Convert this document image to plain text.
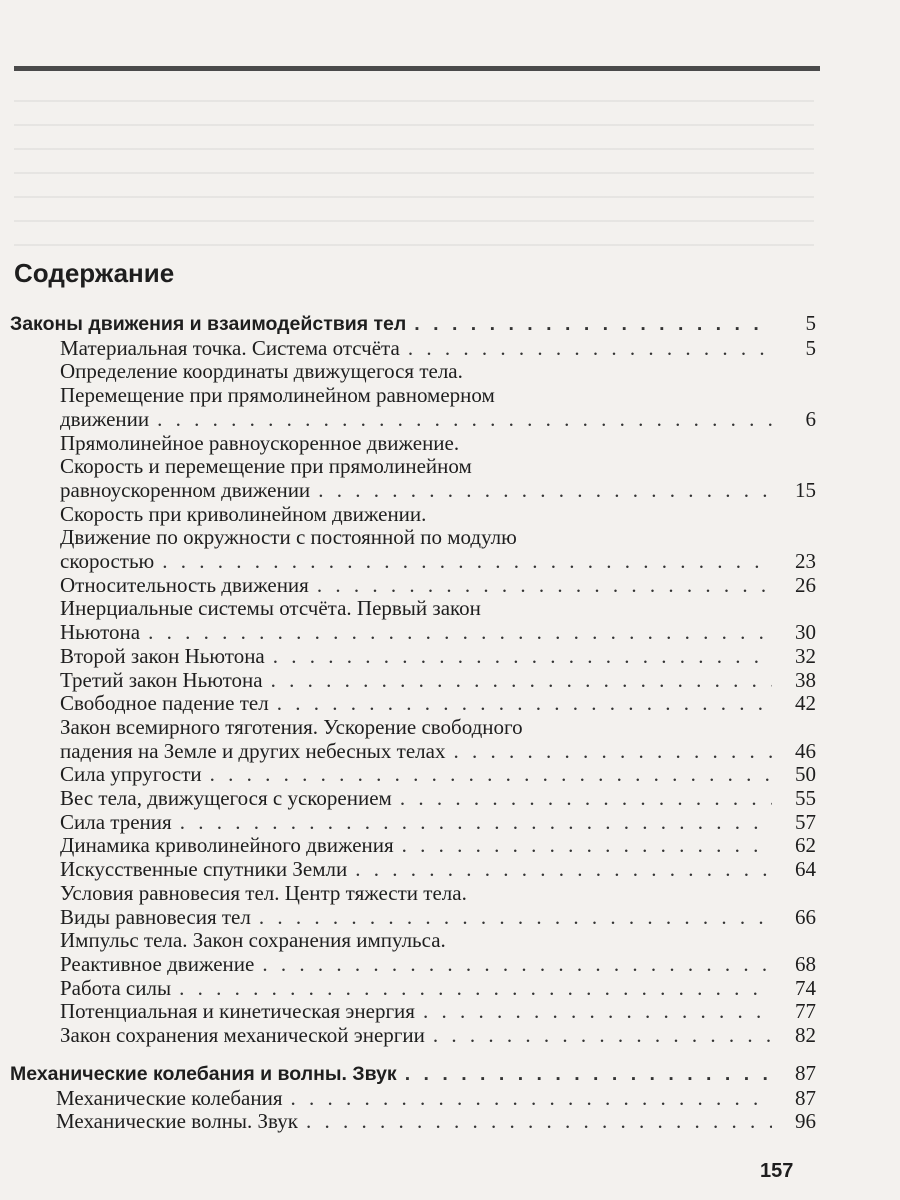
Содержание
Законы движения и взаимодействия тел . . .	5
Материальная точка. Система отсчёта . . .	5
Определение координаты движущегося тела.
Перемещение при прямолинейном равномерном
движении . . .	6
Прямолинейное равноускоренное движение.
Скорость и перемещение при прямолинейном
равноускоренном движении . . .	15
Скорость при криволинейном движении.
Движение по окружности с постоянной по модулю
скоростью . . .	23
Относительность движения . . .	26
Инерциальные системы отсчёта. Первый закон
Ньютона . . .	30
Второй закон Ньютона . . .	32
Третий закон Ньютона . . .	38
Свободное падение тел . . .	42
Закон всемирного тяготения. Ускорение свободного
падения на Земле и других небесных телах . . .	46
Сила упругости . . .	50
Вес тела, движущегося с ускорением . . .	55
Сила трения . . .	57
Динамика криволинейного движения . . .	62
Искусственные спутники Земли . . .	64
Условия равновесия тел. Центр тяжести тела.
Виды равновесия тел . . .	66
Импульс тела. Закон сохранения импульса.
Реактивное движение . . .	68
Работа силы . . .	74
Потенциальная и кинетическая энергия . . .	77
Закон сохранения механической энергии . . .	82
Механические колебания и волны. Звук . . .	87
Механические колебания . . .	87
Механические волны. Звук . . .	96
157
